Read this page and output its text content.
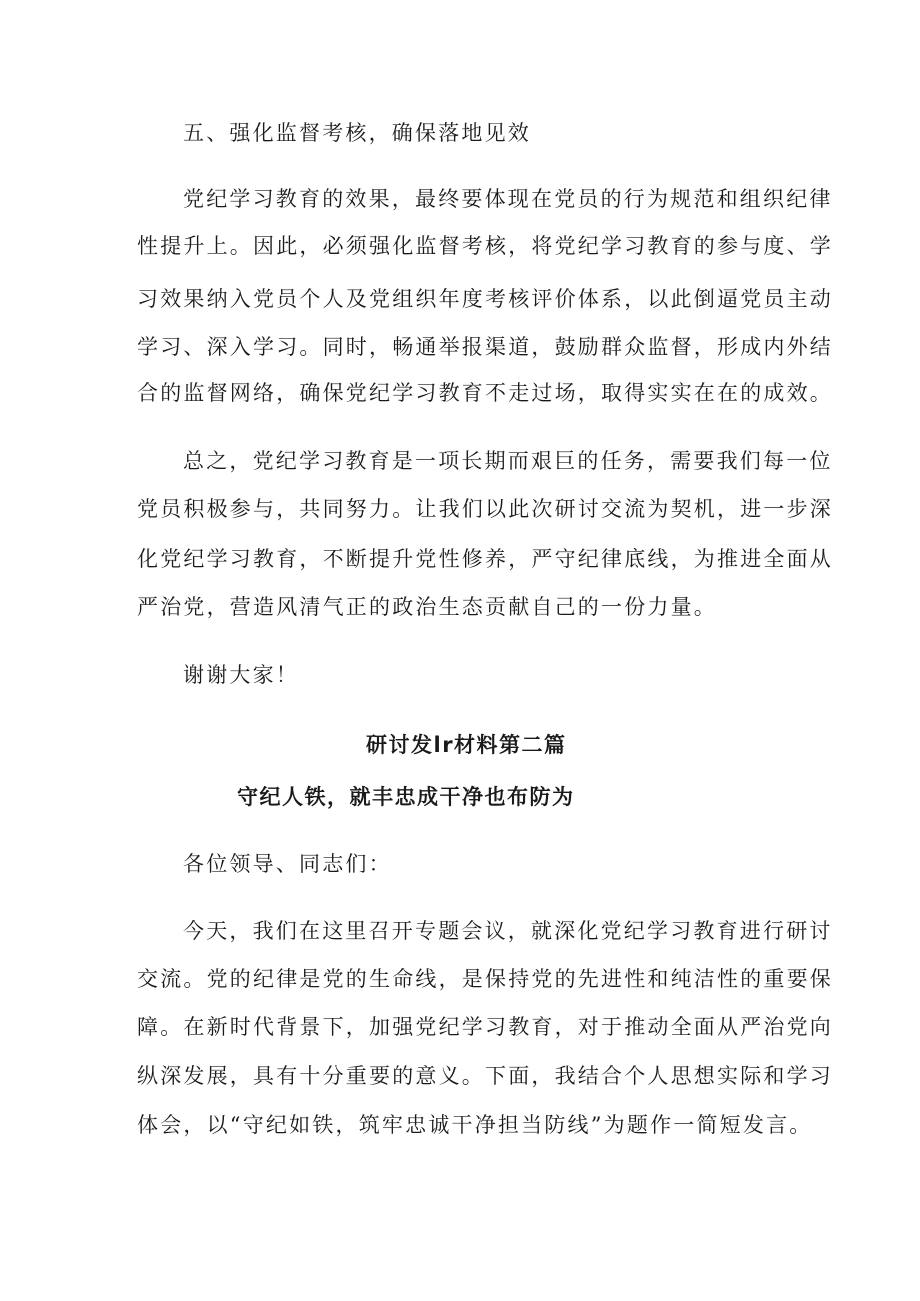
五、强化监督考核，确保落地见效

党纪学习教育的效果，最终要体现在党员的行为规范和组织纪律

性提升上。因此，必须强化监督考核，将党纪学习教育的参与度、学

习效果纳入党员个人及党组织年度考核评价体系，以此倒逼党员主动

学习、深入学习。同时，畅通举报渠道，鼓励群众监督，形成内外结

合的监督网络，确保党纪学习教育不走过场，取得实实在在的成效。

总之，党纪学习教育是一项长期而艰巨的任务，需要我们每一位

党员积极参与，共同努力。让我们以此次研讨交流为契机，进一步深

化党纪学习教育，不断提升党性修养，严守纪律底线，为推进全面从

严治党，营造风清气正的政治生态贡献自己的一份力量。

谢谢大家！

研讨发lr材料第二篇

守纪人铁，就丰忠成干净也布防为

各位领导、同志们：

今天，我们在这里召开专题会议，就深化党纪学习教育进行研讨

交流。党的纪律是党的生命线，是保持党的先进性和纯洁性的重要保

障。在新时代背景下，加强党纪学习教育，对于推动全面从严治党向

纵深发展，具有十分重要的意义。下面，我结合个人思想实际和学习

体会，以“守纪如铁，筑牢忠诚干净担当防线”为题作一简短发言。
